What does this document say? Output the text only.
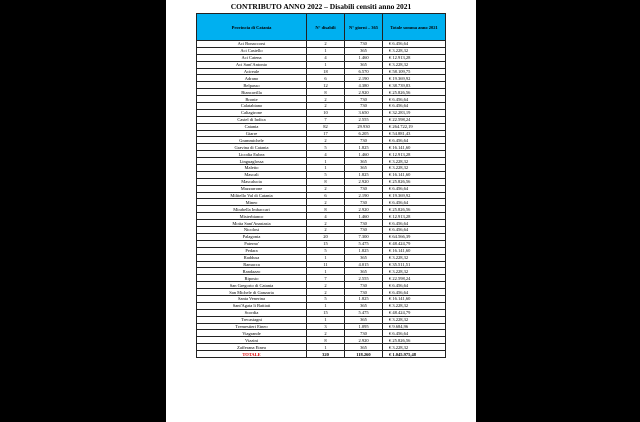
CONTRIBUTO ANNO 2022 – Disabili censiti anno 2021
Provincia di Catania	N° disabili	N° giorni – 365	Totale somma anno 2021
Aci Bonaccorsi	2	730	€ 6.456,64
Aci Castello	1	365	€ 3.228,32
Aci Catena	4	1.460	€ 12.913,28
Aci Sant'Antonio	1	365	€ 3.228,32
Acireale	18	6.570	€ 58.109,75
Adrano	6	2.190	€ 19.369,92
Belpasso	12	4.380	€ 38.739,83
Biancavilla	8	2.920	€ 25.826,56
Bronte	2	730	€ 6.456,64
Calatabiano	2	730	€ 6.456,64
Caltagirone	10	3.650	€ 32.283,19
Castel di Iudica	7	2.555	€ 22.598,24
Catania	82	29.930	€ 264.722,19
Giarre	17	6.205	€ 54.881,43
Grammichele	2	730	€ 6.456,64
Gravina di Catania	5	1.825	€ 16.141,60
Licodia Eubea	4	1.460	€ 12.913,28
Linguaglossa	1	365	€ 3.228,32
Maletto	1	365	€ 3.228,32
Mascali	5	1.825	€ 16.141,60
Mascalucia	8	2.920	€ 25.826,56
Mazzarrone	2	730	€ 6.456,64
Militello Val di Catania	6	2.190	€ 19.369,92
Mineo	2	730	€ 6.456,64
Mirabella Imbaccari	8	2.920	€ 25.826,56
Misterbianco	4	1.460	€ 12.913,28
Motta Sant'Anastasia	2	730	€ 6.456,64
Nicolosi	2	730	€ 6.456,64
Palagonia	20	7.300	€ 64.566,39
Paterno'	15	5.475	€ 48.424,79
Pedara	5	1.825	€ 16.141,60
Raddusa	1	365	€ 3.228,32
Ramacca	11	4.015	€ 35.511,51
Randazzo	1	365	€ 3.228,32
Riposto	7	2.555	€ 22.598,24
San Gregorio di Catania	2	730	€ 6.456,64
San Michele di Ganzaria	2	730	€ 6.456,64
Santa Venerina	5	1.825	€ 16.141,60
Sant'Agata li Battiati	1	365	€ 3.228,32
Scordia	15	5.475	€ 48.424,79
Trecastagni	1	365	€ 3.228,32
Tremestieri Etneo	3	1.095	€ 9.684,96
Viagrande	2	730	€ 6.456,64
Vizzini	8	2.920	€ 25.826,56
Zafferana Etnea	1	365	€ 3.228,32
TOTALE	320	118.260	€ 1.045.975,48
